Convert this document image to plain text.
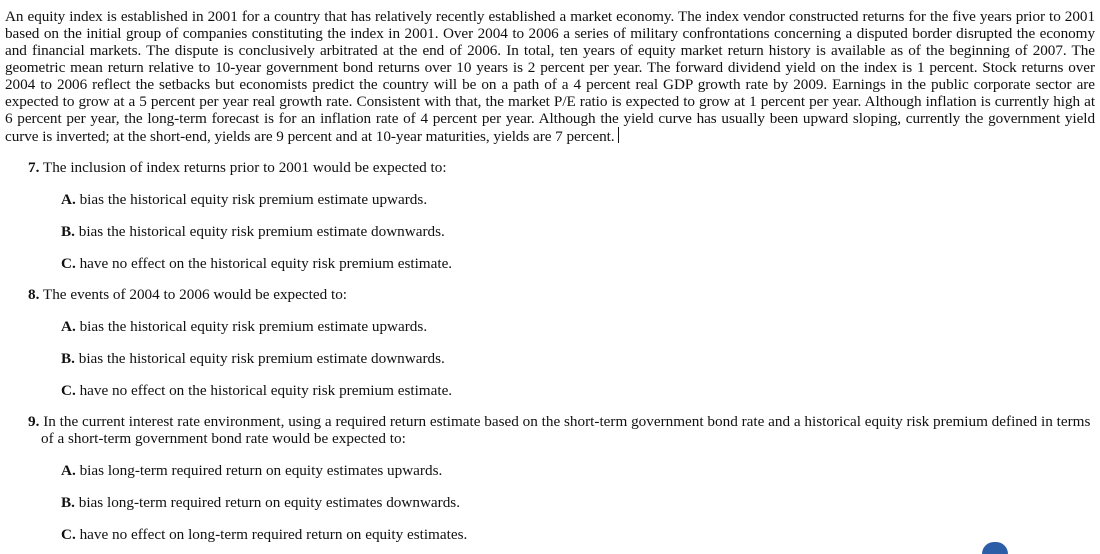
An equity index is established in 2001 for a country that has relatively recently established a market economy. The index vendor constructed returns for the five years prior to 2001 based on the initial group of companies constituting the index in 2001. Over 2004 to 2006 a series of military confrontations concerning a disputed border disrupted the economy and financial markets. The dispute is conclusively arbitrated at the end of 2006. In total, ten years of equity market return history is available as of the beginning of 2007. The geometric mean return relative to 10-year government bond returns over 10 years is 2 percent per year. The forward dividend yield on the index is 1 percent. Stock returns over 2004 to 2006 reflect the setbacks but economists predict the country will be on a path of a 4 percent real GDP growth rate by 2009. Earnings in the public corporate sector are expected to grow at a 5 percent per year real growth rate. Consistent with that, the market P/E ratio is expected to grow at 1 percent per year. Although inflation is currently high at 6 percent per year, the long-term forecast is for an inflation rate of 4 percent per year. Although the yield curve has usually been upward sloping, currently the government yield curve is inverted; at the short-end, yields are 9 percent and at 10-year maturities, yields are 7 percent.
7. The inclusion of index returns prior to 2001 would be expected to:
A. bias the historical equity risk premium estimate upwards.
B. bias the historical equity risk premium estimate downwards.
C. have no effect on the historical equity risk premium estimate.
8. The events of 2004 to 2006 would be expected to:
A. bias the historical equity risk premium estimate upwards.
B. bias the historical equity risk premium estimate downwards.
C. have no effect on the historical equity risk premium estimate.
9. In the current interest rate environment, using a required return estimate based on the short-term government bond rate and a historical equity risk premium defined in terms of a short-term government bond rate would be expected to:
A. bias long-term required return on equity estimates upwards.
B. bias long-term required return on equity estimates downwards.
C. have no effect on long-term required return on equity estimates.
